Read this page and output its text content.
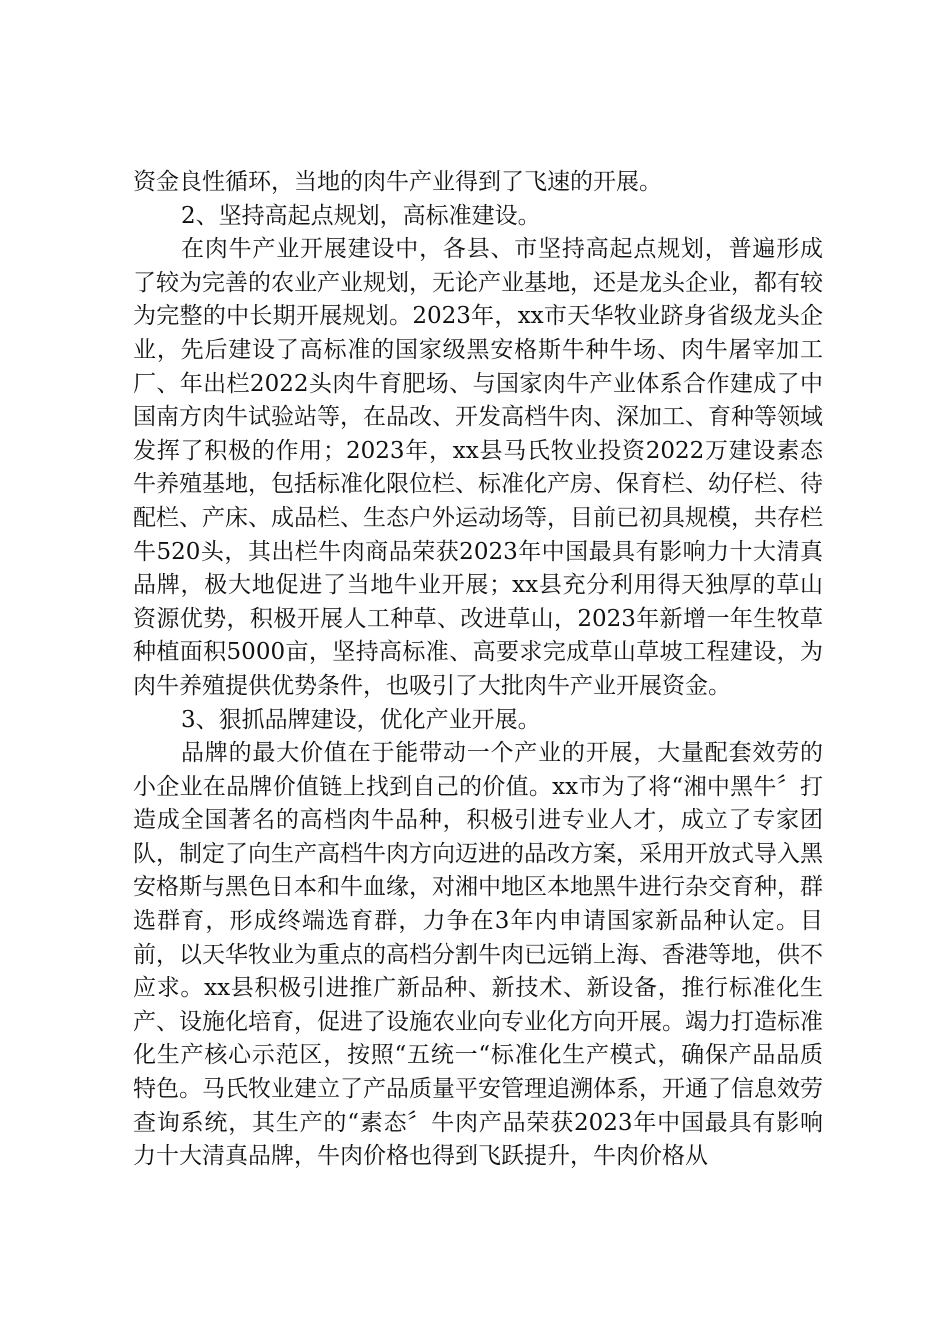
资金良性循环，当地的肉牛产业得到了飞速的开展。

2、坚持高起点规划，高标准建设。

在肉牛产业开展建设中，各县、市坚持高起点规划，普遍形成了较为完善的农业产业规划，无论产业基地，还是龙头企业，都有较为完整的中长期开展规划。2023年，xx市天华牧业跻身省级龙头企业，先后建设了高标准的国家级黑安格斯牛种牛场、肉牛屠宰加工厂、年出栏2022头肉牛育肥场、与国家肉牛产业体系合作建成了中国南方肉牛试验站等，在品改、开发高档牛肉、深加工、育种等领域发挥了积极的作用；2023年，xx县马氏牧业投资2022万建设素态牛养殖基地，包括标准化限位栏、标准化产房、保育栏、幼仔栏、待配栏、产床、成品栏、生态户外运动场等，目前已初具规模，共存栏牛520头，其出栏牛肉商品荣获2023年中国最具有影响力十大清真品牌，极大地促进了当地牛业开展；xx县充分利用得天独厚的草山资源优势，积极开展人工种草、改进草山，2023年新增一年生牧草种植面积5000亩，坚持高标准、高要求完成草山草坡工程建设，为肉牛养殖提供优势条件，也吸引了大批肉牛产业开展资金。

3、狠抓品牌建设，优化产业开展。

品牌的最大价值在于能带动一个产业的开展，大量配套效劳的小企业在品牌价值链上找到自己的价值。xx市为了将“湘中黑牛〞打造成全国著名的高档肉牛品种，积极引进专业人才，成立了专家团队，制定了向生产高档牛肉方向迈进的品改方案，采用开放式导入黑安格斯与黑色日本和牛血缘，对湘中地区本地黑牛进行杂交育种，群选群育，形成终端选育群，力争在3年内申请国家新品种认定。目前，以天华牧业为重点的高档分割牛肉已远销上海、香港等地，供不应求。xx县积极引进推广新品种、新技术、新设备，推行标准化生产、设施化培育，促进了设施农业向专业化方向开展。竭力打造标准化生产核心示范区，按照“五统一“标准化生产模式，确保产品品质特色。马氏牧业建立了产品质量平安管理追溯体系，开通了信息效劳查询系统，其生产的“素态〞牛肉产品荣获2023年中国最具有影响力十大清真品牌，牛肉价格也得到飞跃提升，牛肉价格从
